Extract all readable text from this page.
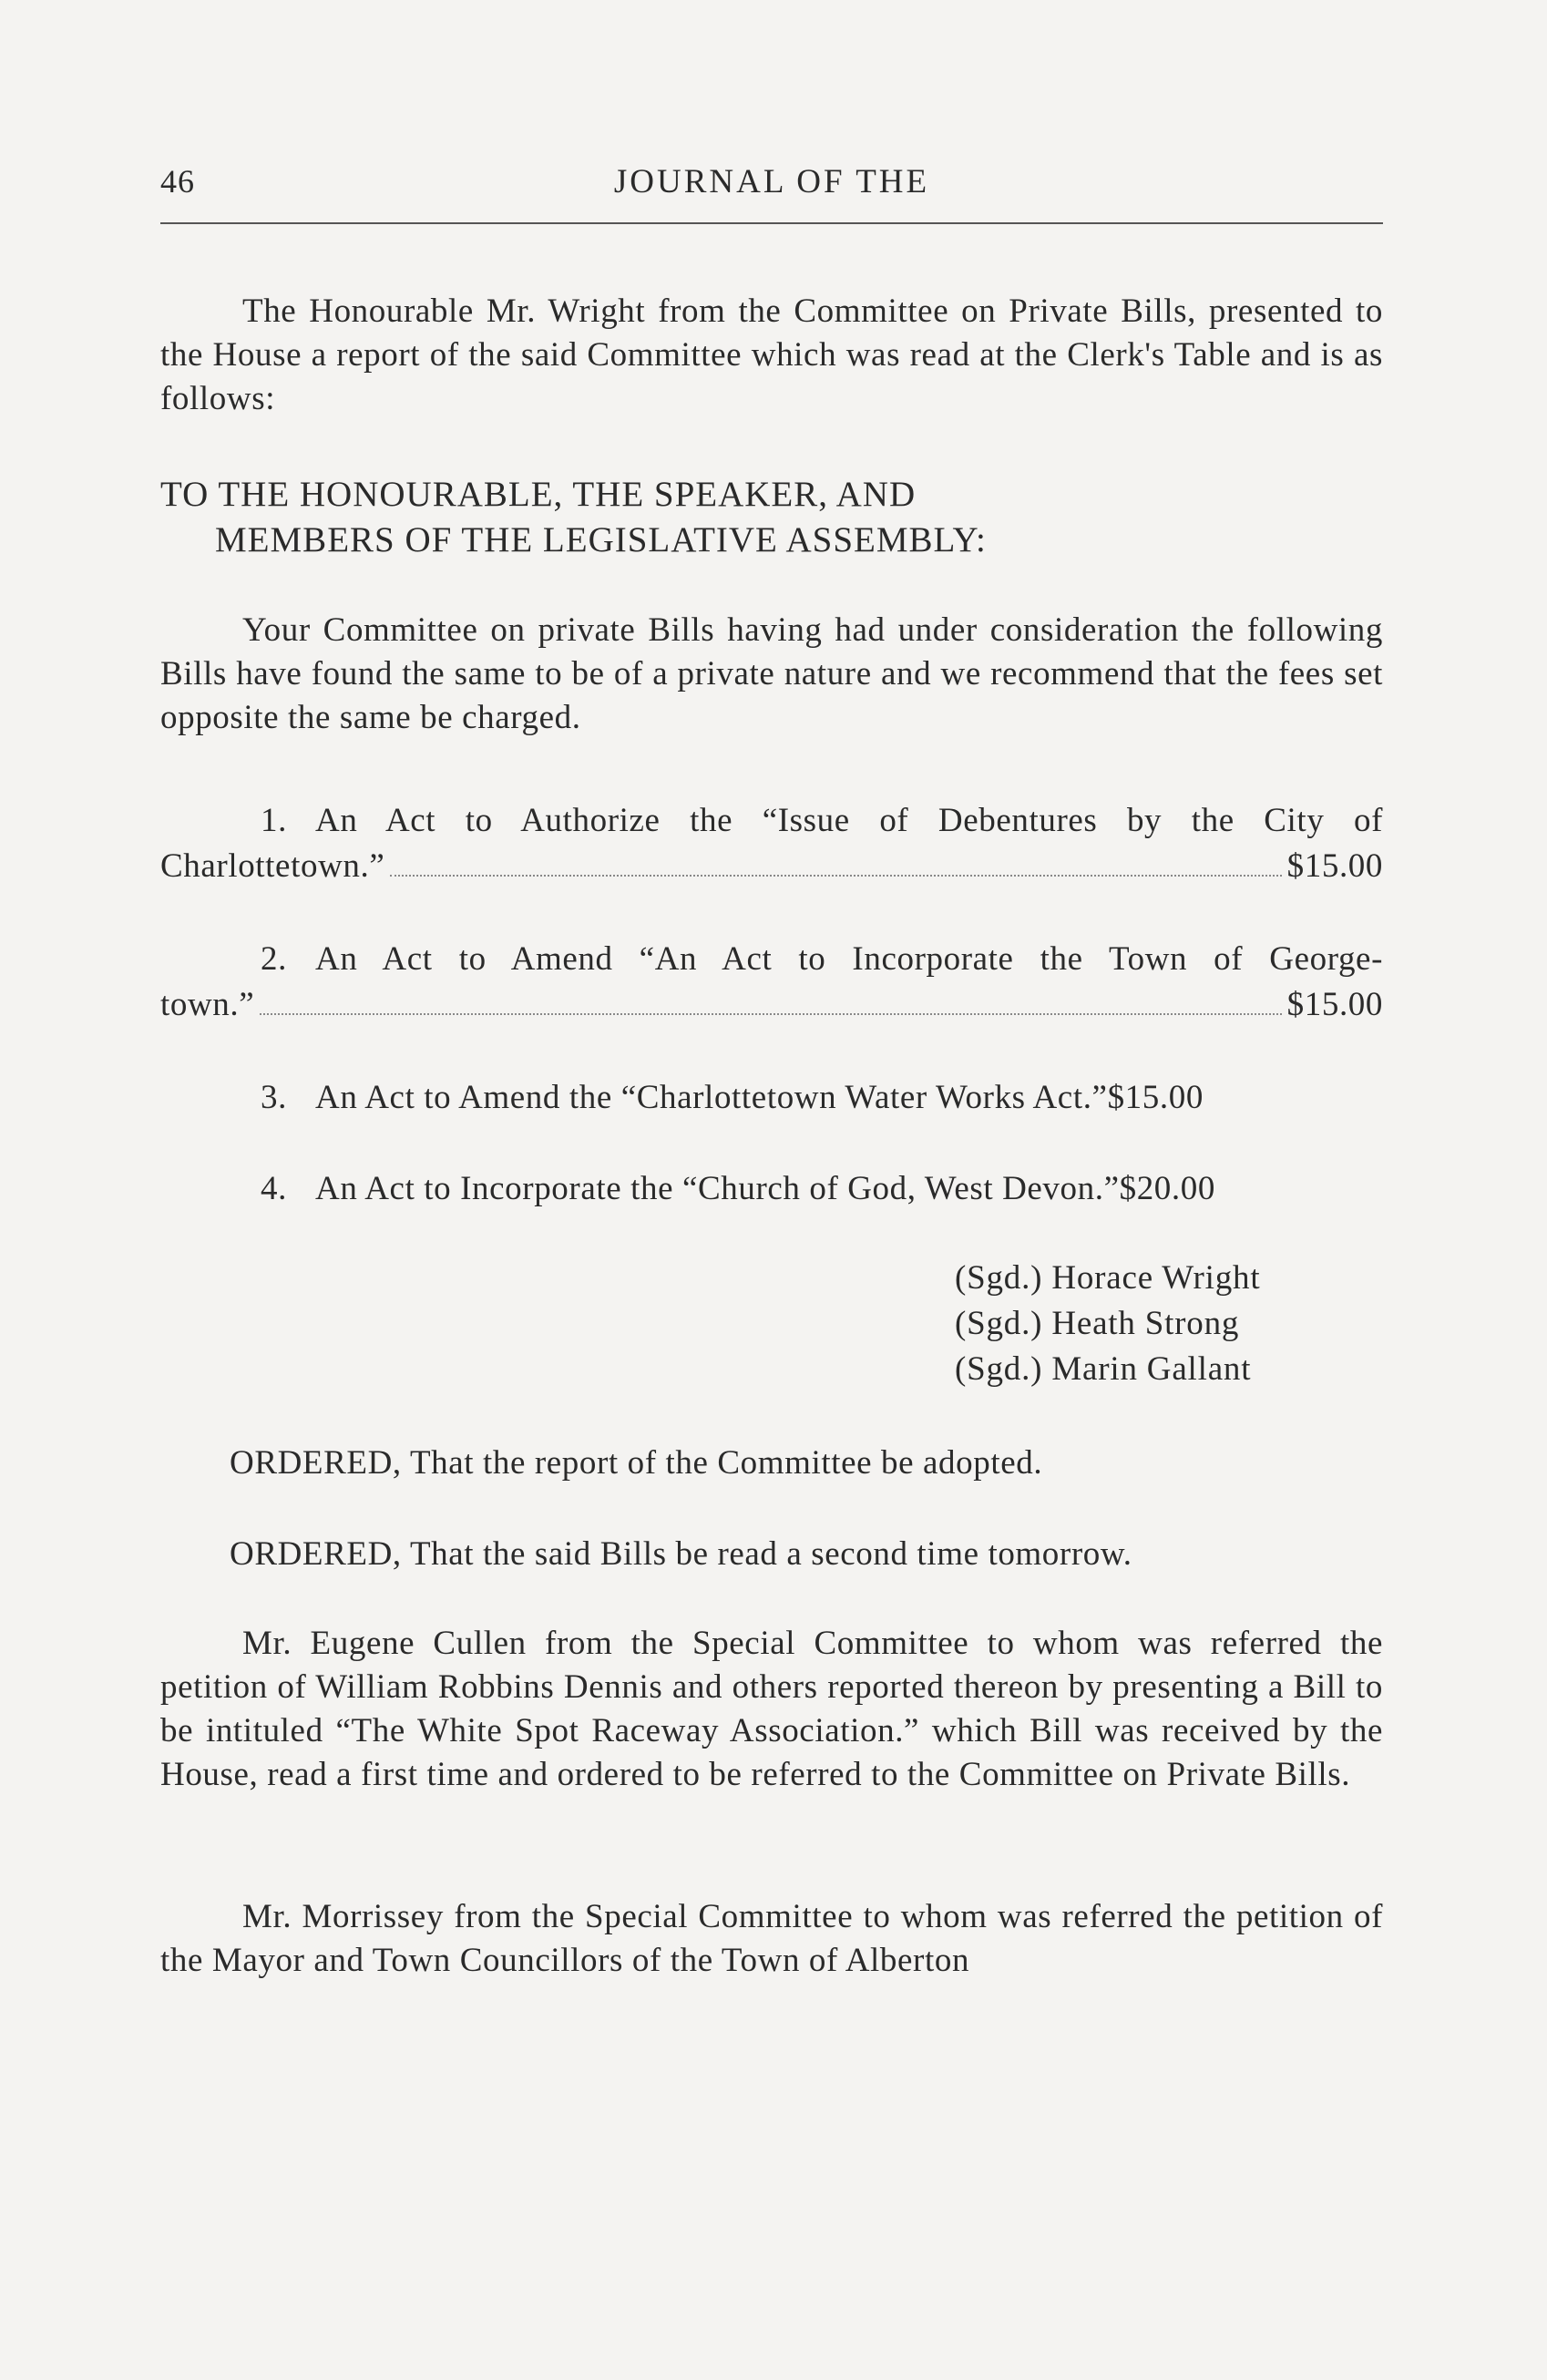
46	JOURNAL OF THE

The Honourable Mr. Wright from the Committee on Private Bills, presented to the House a report of the said Committee which was read at the Clerk's Table and is as follows:

TO THE HONOURABLE, THE SPEAKER, AND
MEMBERS OF THE LEGISLATIVE ASSEMBLY:

Your Committee on private Bills having had under consideration the following Bills have found the same to be of a private nature and we recommend that the fees set opposite the same be charged.

1. An Act to Authorize the “Issue of Debentures by the City of
Charlottetown.”	$15.00
2. An Act to Amend “An Act to Incorporate the Town of George-
town.”	$15.00
3. An Act to Amend the “Charlottetown Water Works Act.” $15.00
4. An Act to Incorporate the “Church of God, West Devon.” $20.00
(Sgd.) Horace Wright
(Sgd.) Heath Strong
(Sgd.) Marin Gallant

ORDERED, That the report of the Committee be adopted.

ORDERED, That the said Bills be read a second time tomorrow.

Mr. Eugene Cullen from the Special Committee to whom was referred the petition of William Robbins Dennis and others reported thereon by presenting a Bill to be intituled “The White Spot Raceway Association.” which Bill was received by the House, read a first time and ordered to be referred to the Committee on Private Bills.

Mr. Morrissey from the Special Committee to whom was referred the petition of the Mayor and Town Councillors of the Town of Alberton
